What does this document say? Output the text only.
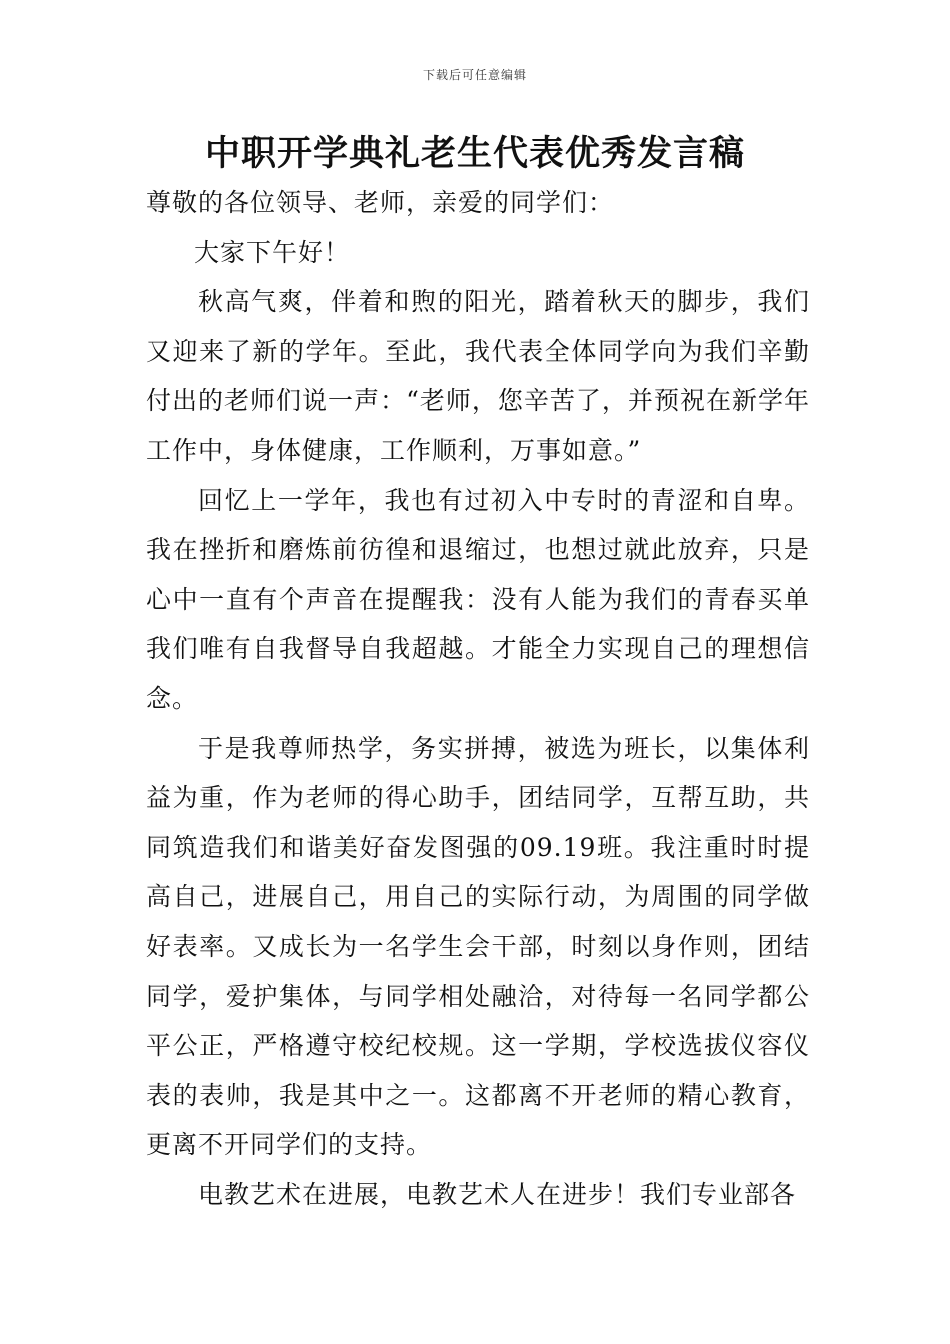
下载后可任意编辑
中职开学典礼老生代表优秀发言稿

尊敬的各位领导、老师，亲爱的同学们：

大家下午好！

秋高气爽，伴着和煦的阳光，踏着秋天的脚步，我们又迎来了新的学年。至此，我代表全体同学向为我们辛勤付出的老师们说一声：“老师，您辛苦了，并预祝在新学年工作中，身体健康，工作顺利，万事如意。”

回忆上一学年，我也有过初入中专时的青涩和自卑。我在挫折和磨炼前彷徨和退缩过，也想过就此放弃，只是心中一直有个声音在提醒我：没有人能为我们的青春买单我们唯有自我督导自我超越。才能全力实现自己的理想信念。

于是我尊师热学，务实拼搏，被选为班长，以集体利益为重，作为老师的得心助手，团结同学，互帮互助，共同筑造我们和谐美好奋发图强的09.19班。我注重时时提高自己，进展自己，用自己的实际行动，为周围的同学做好表率。又成长为一名学生会干部，时刻以身作则，团结同学，爱护集体，与同学相处融洽，对待每一名同学都公平公正，严格遵守校纪校规。这一学期，学校选拔仪容仪表的表帅，我是其中之一。这都离不开老师的精心教育，更离不开同学们的支持。

电教艺术在进展，电教艺术人在进步！我们专业部各
